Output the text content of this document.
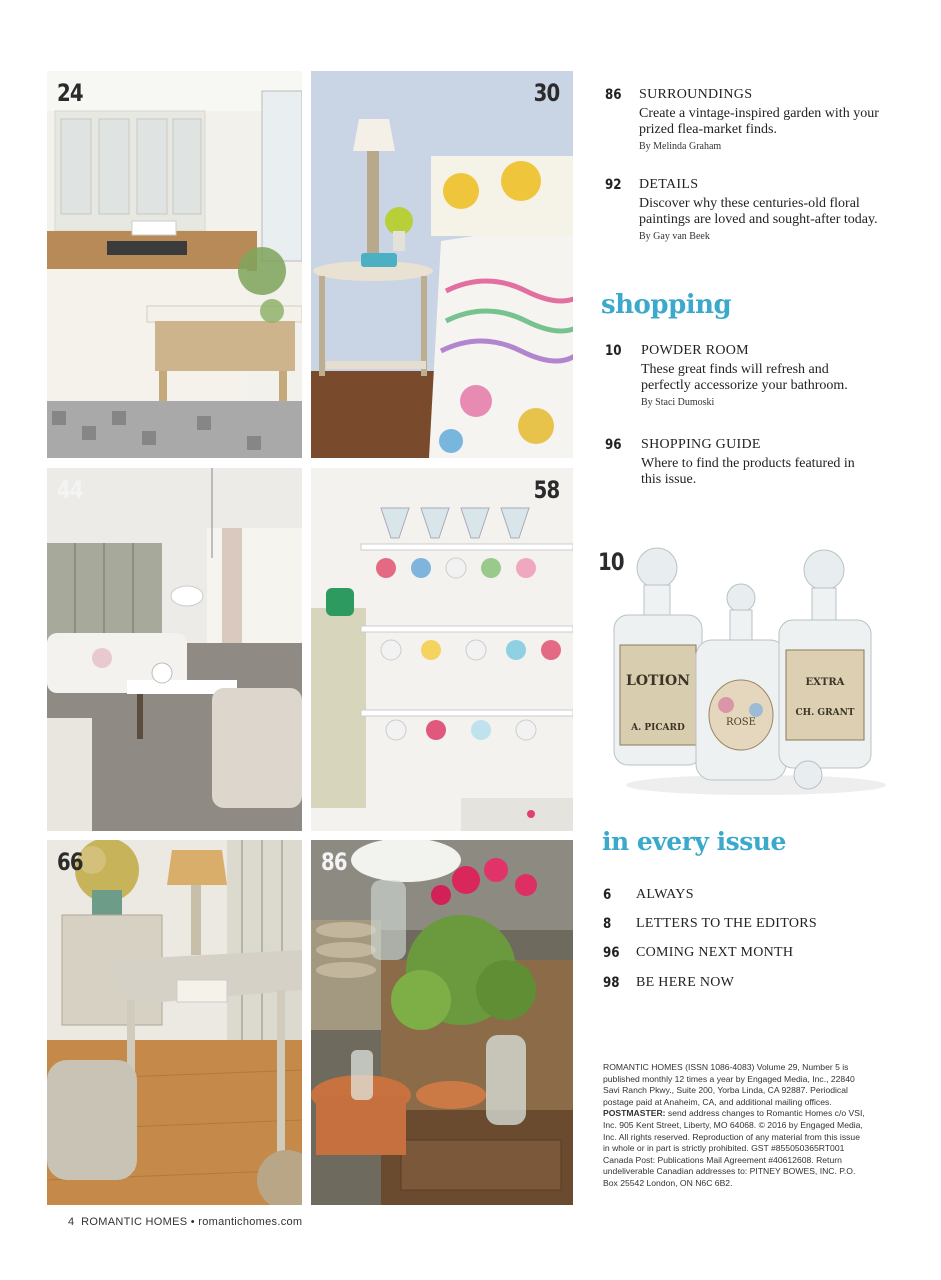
24	30
44	58
66	86
86 SURROUNDINGS
Create a vintage-inspired garden with your prized flea-market finds.
By Melinda Graham
92 DETAILS
Discover why these centuries-old floral paintings are loved and sought-after today.
By Gay van Beek
shopping
10 POWDER ROOM
These great finds will refresh and perfectly accessorize your bathroom.
By Staci Dumoski
96 SHOPPING GUIDE
Where to find the products featured in this issue.
LOTION
A. PICARD	ROSE
EXTRA
CH. GRANT
10
in every issue
6 ALWAYS
8 LETTERS TO THE EDITORS
96 COMING NEXT MONTH
98 BE HERE NOW
ROMANTIC HOMES (ISSN 1086-4083) Volume 29, Number 5 is published monthly 12 times a year by Engaged Media, Inc., 22840 Savi Ranch Pkwy., Suite 200, Yorba Linda, CA 92887. Periodical postage paid at Anaheim, CA, and additional mailing offices. POSTMASTER: send address changes to Romantic Homes c/o VSI, Inc. 905 Kent Street, Liberty, MO 64068. © 2016 by Engaged Media, Inc. All rights reserved. Reproduction of any material from this issue in whole or in part is strictly prohibited. GST #855050365RT001 Canada Post: Publications Mail Agreement #40612608. Return undeliverable Canadian addresses to: PITNEY BOWES, INC. P.O. Box 25542 London, ON N6C 6B2.
4 ROMANTIC HOMES • romantichomes.com
